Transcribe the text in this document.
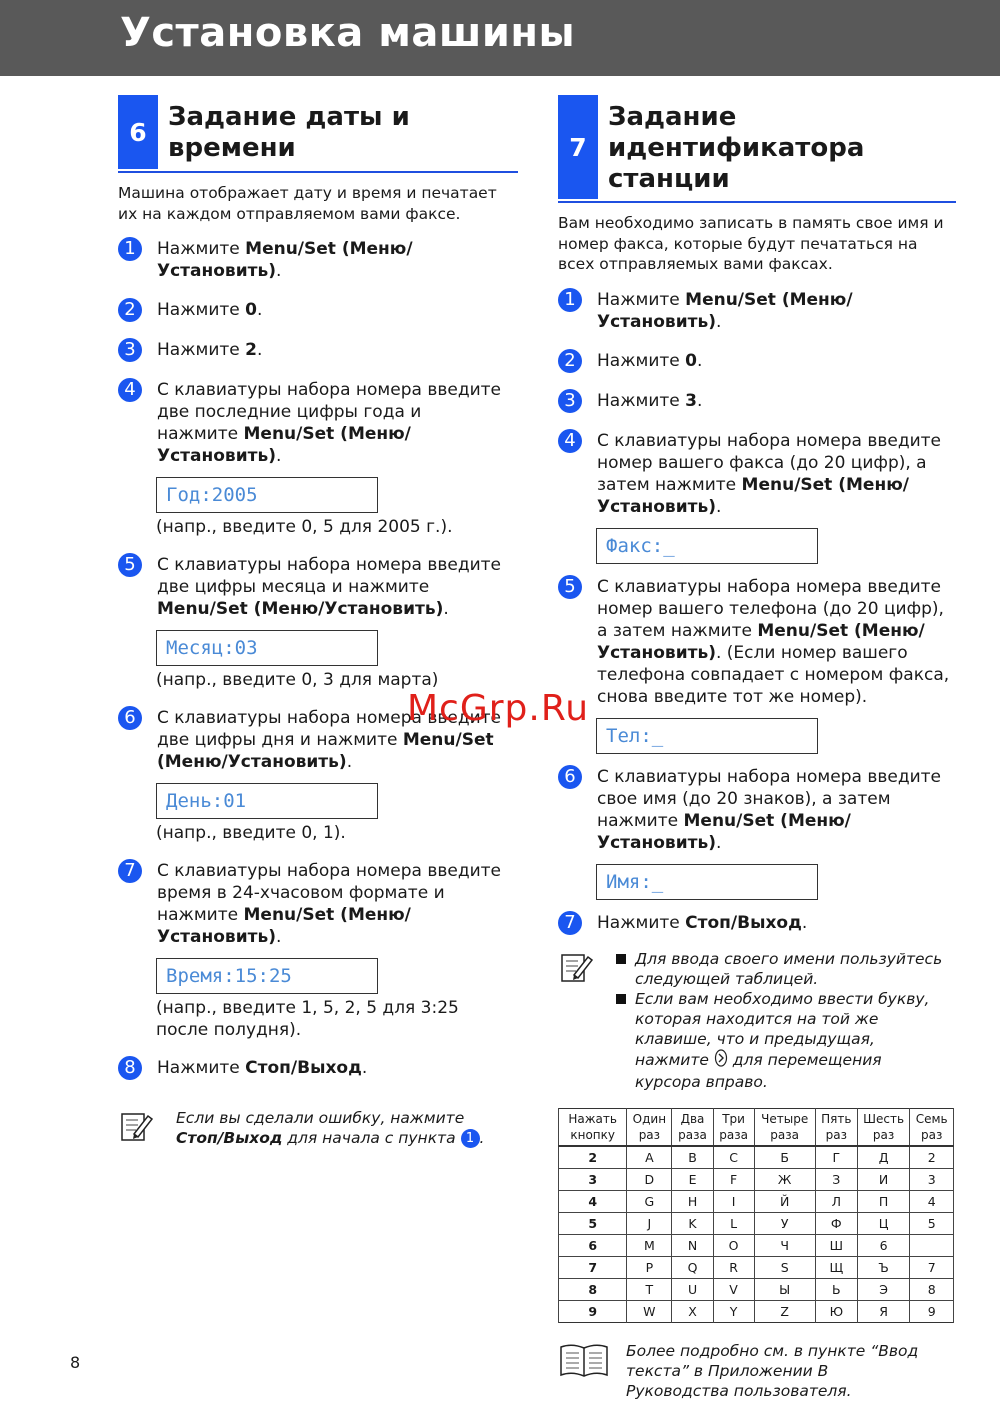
Установка машины
6 Задание даты и времени

Машина отображает дату и время и печатает их на каждом отправляемом вами факсе.

1	Нажмите Menu/Set (Меню/Установить).
2	Нажмите 0.
3	Нажмите 2.
4	С клавиатуры набора номера введите две последние цифры года и нажмите Menu/Set (Меню/Установить).
Год:2005
(напр., введите 0, 5 для 2005 г.).
5	С клавиатуры набора номера введите две цифры месяца и нажмите Menu/Set (Меню/Установить).
Месяц:03
(напр., введите 0, 3 для марта)
6	С клавиатуры набора номера введите две цифры дня и нажмите Menu/Set (Меню/Установить).
День:01
(напр., введите 0, 1).
7	С клавиатуры набора номера введите время в 24-хчасовом формате и нажмите Menu/Set (Меню/Установить).
Время:15:25
(напр., введите 1, 5, 2, 5 для 3:25 после полудня).
8	Нажмите Стоп/Выход.
Если вы сделали ошибку, нажмите Стоп/Выход для начала с пункта 1 .
7
Задание идентификатора станции

Вам необходимо записать в память свое имя и номер факса, которые будут печататься на всех отправляемых вами факсах.

1	Нажмите Menu/Set (Меню/Установить).
2	Нажмите 0.
3	Нажмите 3.
4	С клавиатуры набора номера введите номер вашего факса (до 20 цифр), а затем нажмите Menu/Set (Меню/Установить).
Факс:_
5	С клавиатуры набора номера введите номер вашего телефона (до 20 цифр), а затем нажмите Menu/Set (Меню/Установить). (Если номер вашего телефона совпадает с номером факса, снова введите тот же номер).
Тел:_
6	С клавиатуры набора номера введите свое имя (до 20 знаков), а затем нажмите Menu/Set (Меню/Установить).
Имя:_
7	Нажмите Стоп/Выход.
Для ввода своего имени пользуйтесь следующей таблицей.
Если вам необходимо ввести букву, которая находится на той же клавише, что и предыдущая, нажмите  для перемещения курсора вправо.
Нажать кнопку	Один раз	Два раза	Три раза	Четыре раза	Пять раз	Шесть раз	Семь раз
2	A	B	C	Б	Г	Д	2
3	D	E	F	Ж	З	И	3
4	G	H	I	Й	Л	П	4
5	J	K	L	У	Ф	Ц	5
6	M	N	O	Ч	Ш	6	
7	P	Q	R	S	Щ	Ъ	7
8	T	U	V	Ы	Ь	Э	8
9	W	X	Y	Z	Ю	Я	9
Более подробно см. в пункте “Ввод текста” в Приложении B Руководства пользователя.
8
McGrp.Ru
